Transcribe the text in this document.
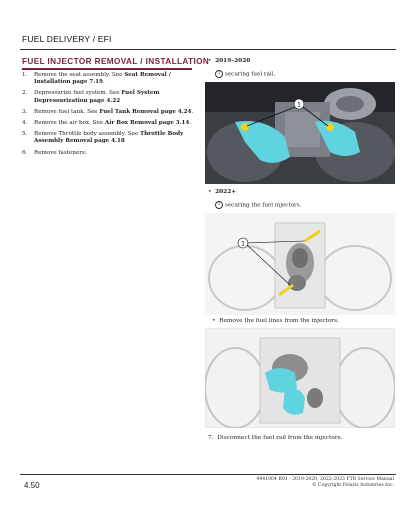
FUEL DELIVERY / EFI
FUEL INJECTOR REMOVAL / INSTALLATION
1.	Remove the seat assembly. See Seat Removal / Installation page 7.19.
2.	Depressurize fuel system. See Fuel System Depressurization page 4.22
3.	Remove fuel tank. See Fuel Tank Removal page 4.24.
4.	Remove the air box. See Air Box Removal page 3.14.
5.	Remove Throttle body assembly. See Throttle Body Assembly Removal page 4.18
6.	Remove fasteners:
•  2019–2020
1 securing fuel rail.
1
•  2022+
1 securing the fuel injectors.
1
•  Remove the fuel lines from the injectors.
7. Disconnect the fuel rail from the injectors.
4.50
9941004 R01 - 2019-2020, 2022-2023 FTR Service Manual
© Copyright Polaris Industries Inc.
